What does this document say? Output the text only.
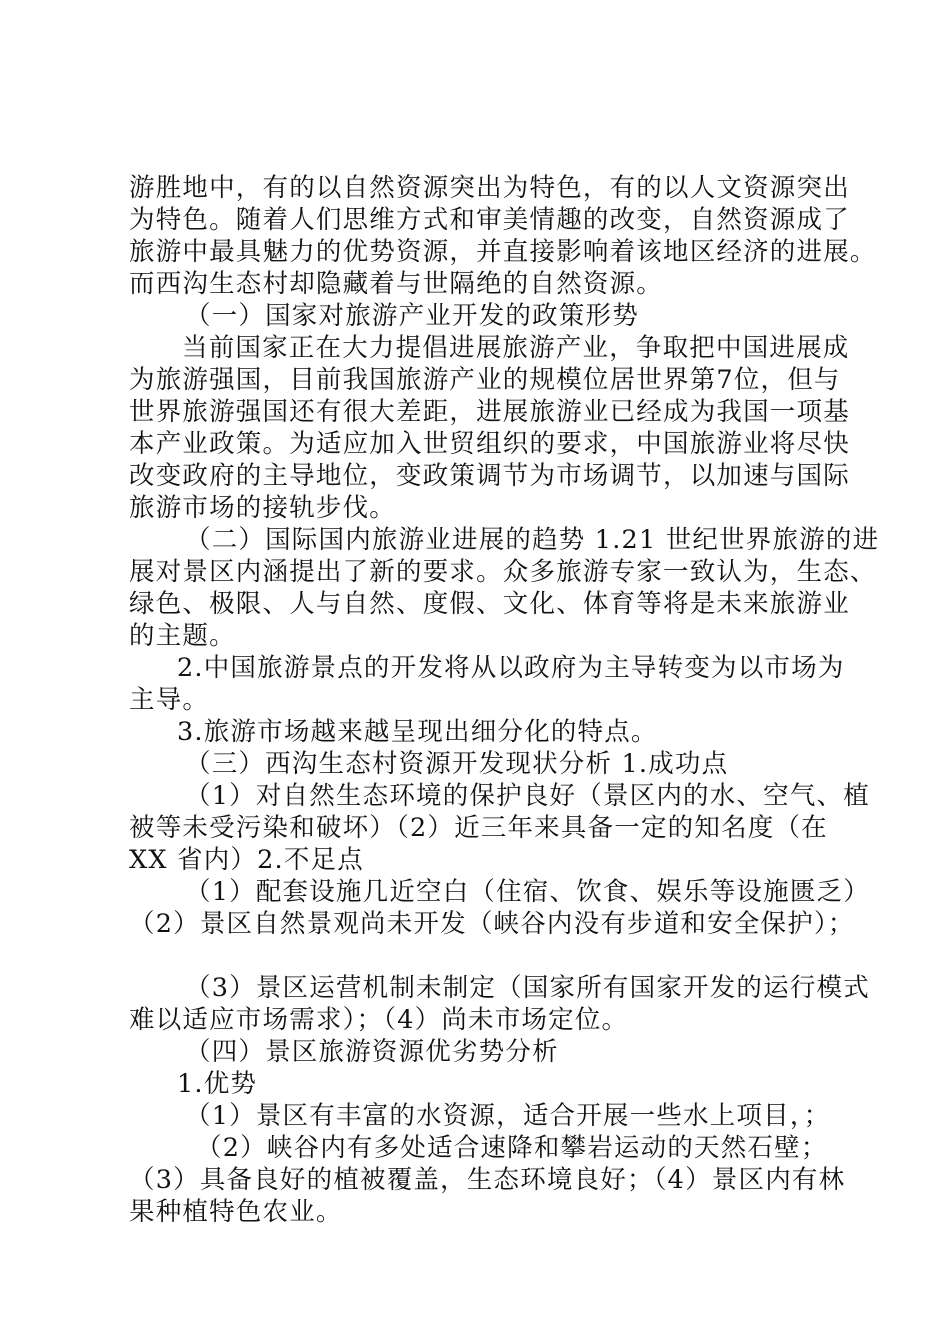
游胜地中，有的以自然资源突出为特色，有的以人文资源突出

为特色。随着人们思维方式和审美情趣的改变，自然资源成了

旅游中最具魅力的优势资源，并直接影响着该地区经济的进展。

而西沟生态村却隐藏着与世隔绝的自然资源。

（一）国家对旅游产业开发的政策形势

当前国家正在大力提倡进展旅游产业，争取把中国进展成

为旅游强国，目前我国旅游产业的规模位居世界第7位，但与

世界旅游强国还有很大差距，进展旅游业已经成为我国一项基

本产业政策。为适应加入世贸组织的要求，中国旅游业将尽快

改变政府的主导地位，变政策调节为市场调节，以加速与国际

旅游市场的接轨步伐。

（二）国际国内旅游业进展的趋势 1.21 世纪世界旅游的进

展对景区内涵提出了新的要求。众多旅游专家一致认为，生态、

绿色、极限、人与自然、度假、文化、体育等将是未来旅游业

的主题。

2.中国旅游景点的开发将从以政府为主导转变为以市场为

主导。

3.旅游市场越来越呈现出细分化的特点。

（三）西沟生态村资源开发现状分析 1.成功点

（1）对自然生态环境的保护良好（景区内的水、空气、植

被等未受污染和破坏）（2）近三年来具备一定的知名度（在

XX 省内）2.不足点

（1）配套设施几近空白（住宿、饮食、娱乐等设施匮乏）

（2）景区自然景观尚未开发（峡谷内没有步道和安全保护）；

（3）景区运营机制未制定（国家所有国家开发的运行模式

难以适应市场需求）；（4）尚未市场定位。

（四）景区旅游资源优劣势分析

1.优势

（1）景区有丰富的水资源，适合开展一些水上项目，；

（2）峡谷内有多处适合速降和攀岩运动的天然石壁；

（3）具备良好的植被覆盖，生态环境良好；（4）景区内有林

果种植特色农业。
